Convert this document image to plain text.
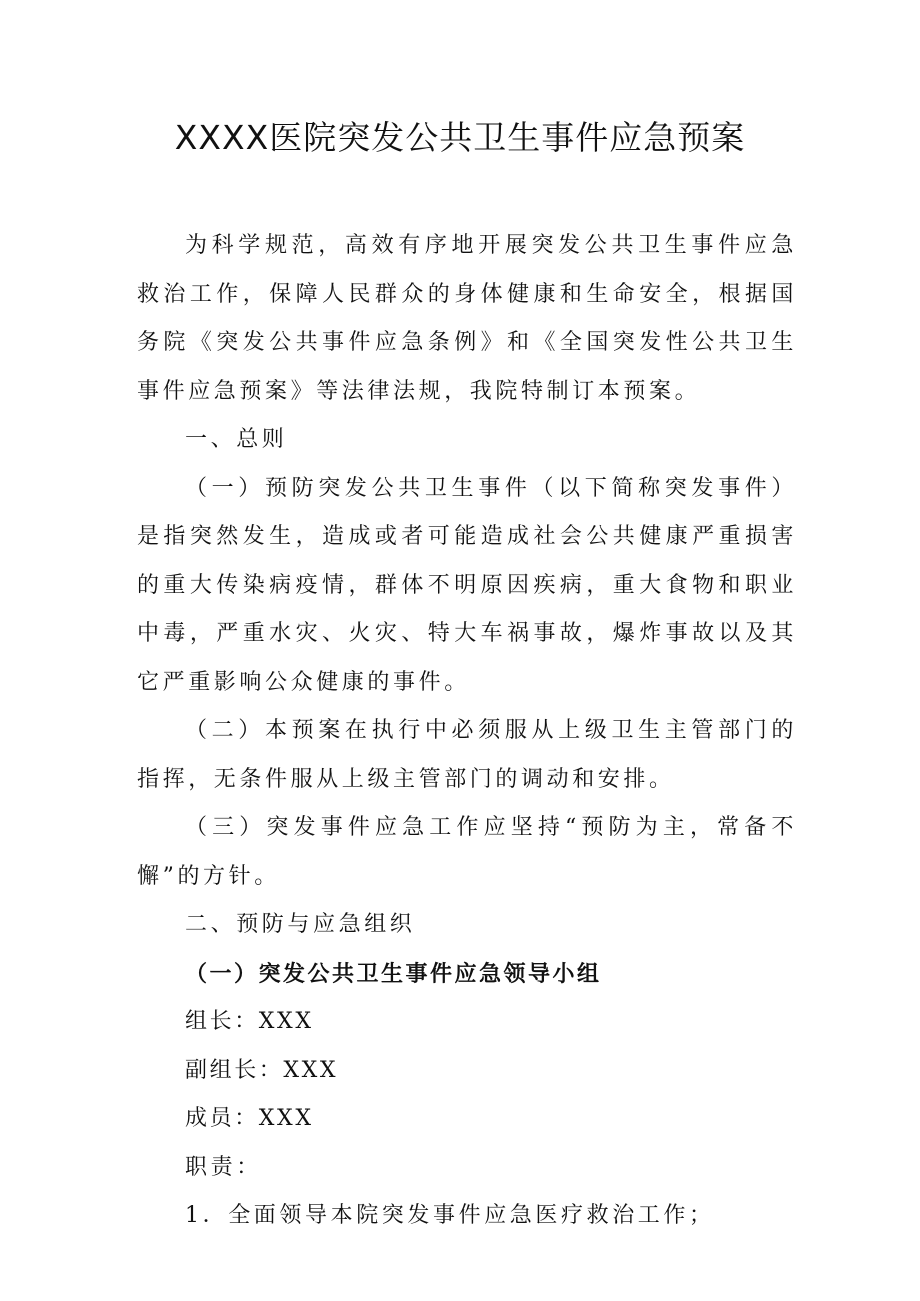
XXXX医院突发公共卫生事件应急预案

为科学规范，高效有序地开展突发公共卫生事件应急救治工作，保障人民群众的身体健康和生命安全，根据国务院《突发公共事件应急条例》和《全国突发性公共卫生事件应急预案》等法律法规，我院特制订本预案。

一、总则

（一）预防突发公共卫生事件（以下简称突发事件）是指突然发生，造成或者可能造成社会公共健康严重损害的重大传染病疫情，群体不明原因疾病，重大食物和职业中毒，严重水灾、火灾、特大车祸事故，爆炸事故以及其它严重影响公众健康的事件。

（二）本预案在执行中必须服从上级卫生主管部门的指挥，无条件服从上级主管部门的调动和安排。

（三）突发事件应急工作应坚持“预防为主，常备不懈”的方针。

二、预防与应急组织

（一）突发公共卫生事件应急领导小组

组长：XXX

副组长：XXX

成员：XXX

职责：

1．全面领导本院突发事件应急医疗救治工作；
